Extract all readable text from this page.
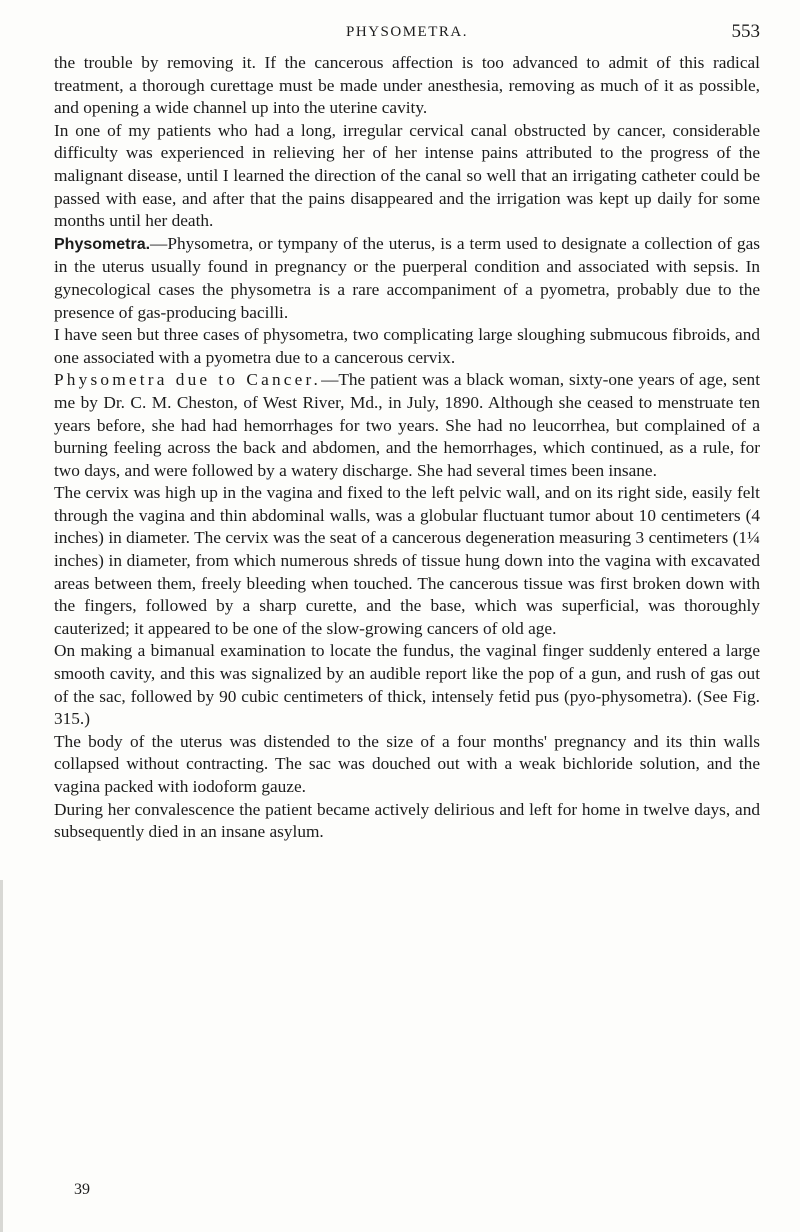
PHYSOMETRA.	553

the trouble by removing it. If the cancerous affection is too advanced to admit of this radical treatment, a thorough curettage must be made under anesthesia, removing as much of it as possible, and opening a wide channel up into the uterine cavity.

In one of my patients who had a long, irregular cervical canal obstructed by cancer, considerable difficulty was experienced in relieving her of her intense pains attributed to the progress of the malignant disease, until I learned the direction of the canal so well that an irrigating catheter could be passed with ease, and after that the pains disappeared and the irrigation was kept up daily for some months until her death.

Physometra.—Physometra, or tympany of the uterus, is a term used to designate a collection of gas in the uterus usually found in pregnancy or the puerperal condition and associated with sepsis. In gynecological cases the physometra is a rare accompaniment of a pyometra, probably due to the presence of gas-producing bacilli.

I have seen but three cases of physometra, two complicating large sloughing submucous fibroids, and one associated with a pyometra due to a cancerous cervix.

Physometra due to Cancer.—The patient was a black woman, sixty-one years of age, sent me by Dr. C. M. Cheston, of West River, Md., in July, 1890. Although she ceased to menstruate ten years before, she had had hemorrhages for two years. She had no leucorrhea, but complained of a burning feeling across the back and abdomen, and the hemorrhages, which continued, as a rule, for two days, and were followed by a watery discharge. She had several times been insane.

The cervix was high up in the vagina and fixed to the left pelvic wall, and on its right side, easily felt through the vagina and thin abdominal walls, was a globular fluctuant tumor about 10 centimeters (4 inches) in diameter. The cervix was the seat of a cancerous degeneration measuring 3 centimeters (1¼ inches) in diameter, from which numerous shreds of tissue hung down into the vagina with excavated areas between them, freely bleeding when touched. The cancerous tissue was first broken down with the fingers, followed by a sharp curette, and the base, which was superficial, was thoroughly cauterized; it appeared to be one of the slow-growing cancers of old age.

On making a bimanual examination to locate the fundus, the vaginal finger suddenly entered a large smooth cavity, and this was signalized by an audible report like the pop of a gun, and rush of gas out of the sac, followed by 90 cubic centimeters of thick, intensely fetid pus (pyo-physometra). (See Fig. 315.)

The body of the uterus was distended to the size of a four months' pregnancy and its thin walls collapsed without contracting. The sac was douched out with a weak bichloride solution, and the vagina packed with iodoform gauze.

During her convalescence the patient became actively delirious and left for home in twelve days, and subsequently died in an insane asylum.

39
